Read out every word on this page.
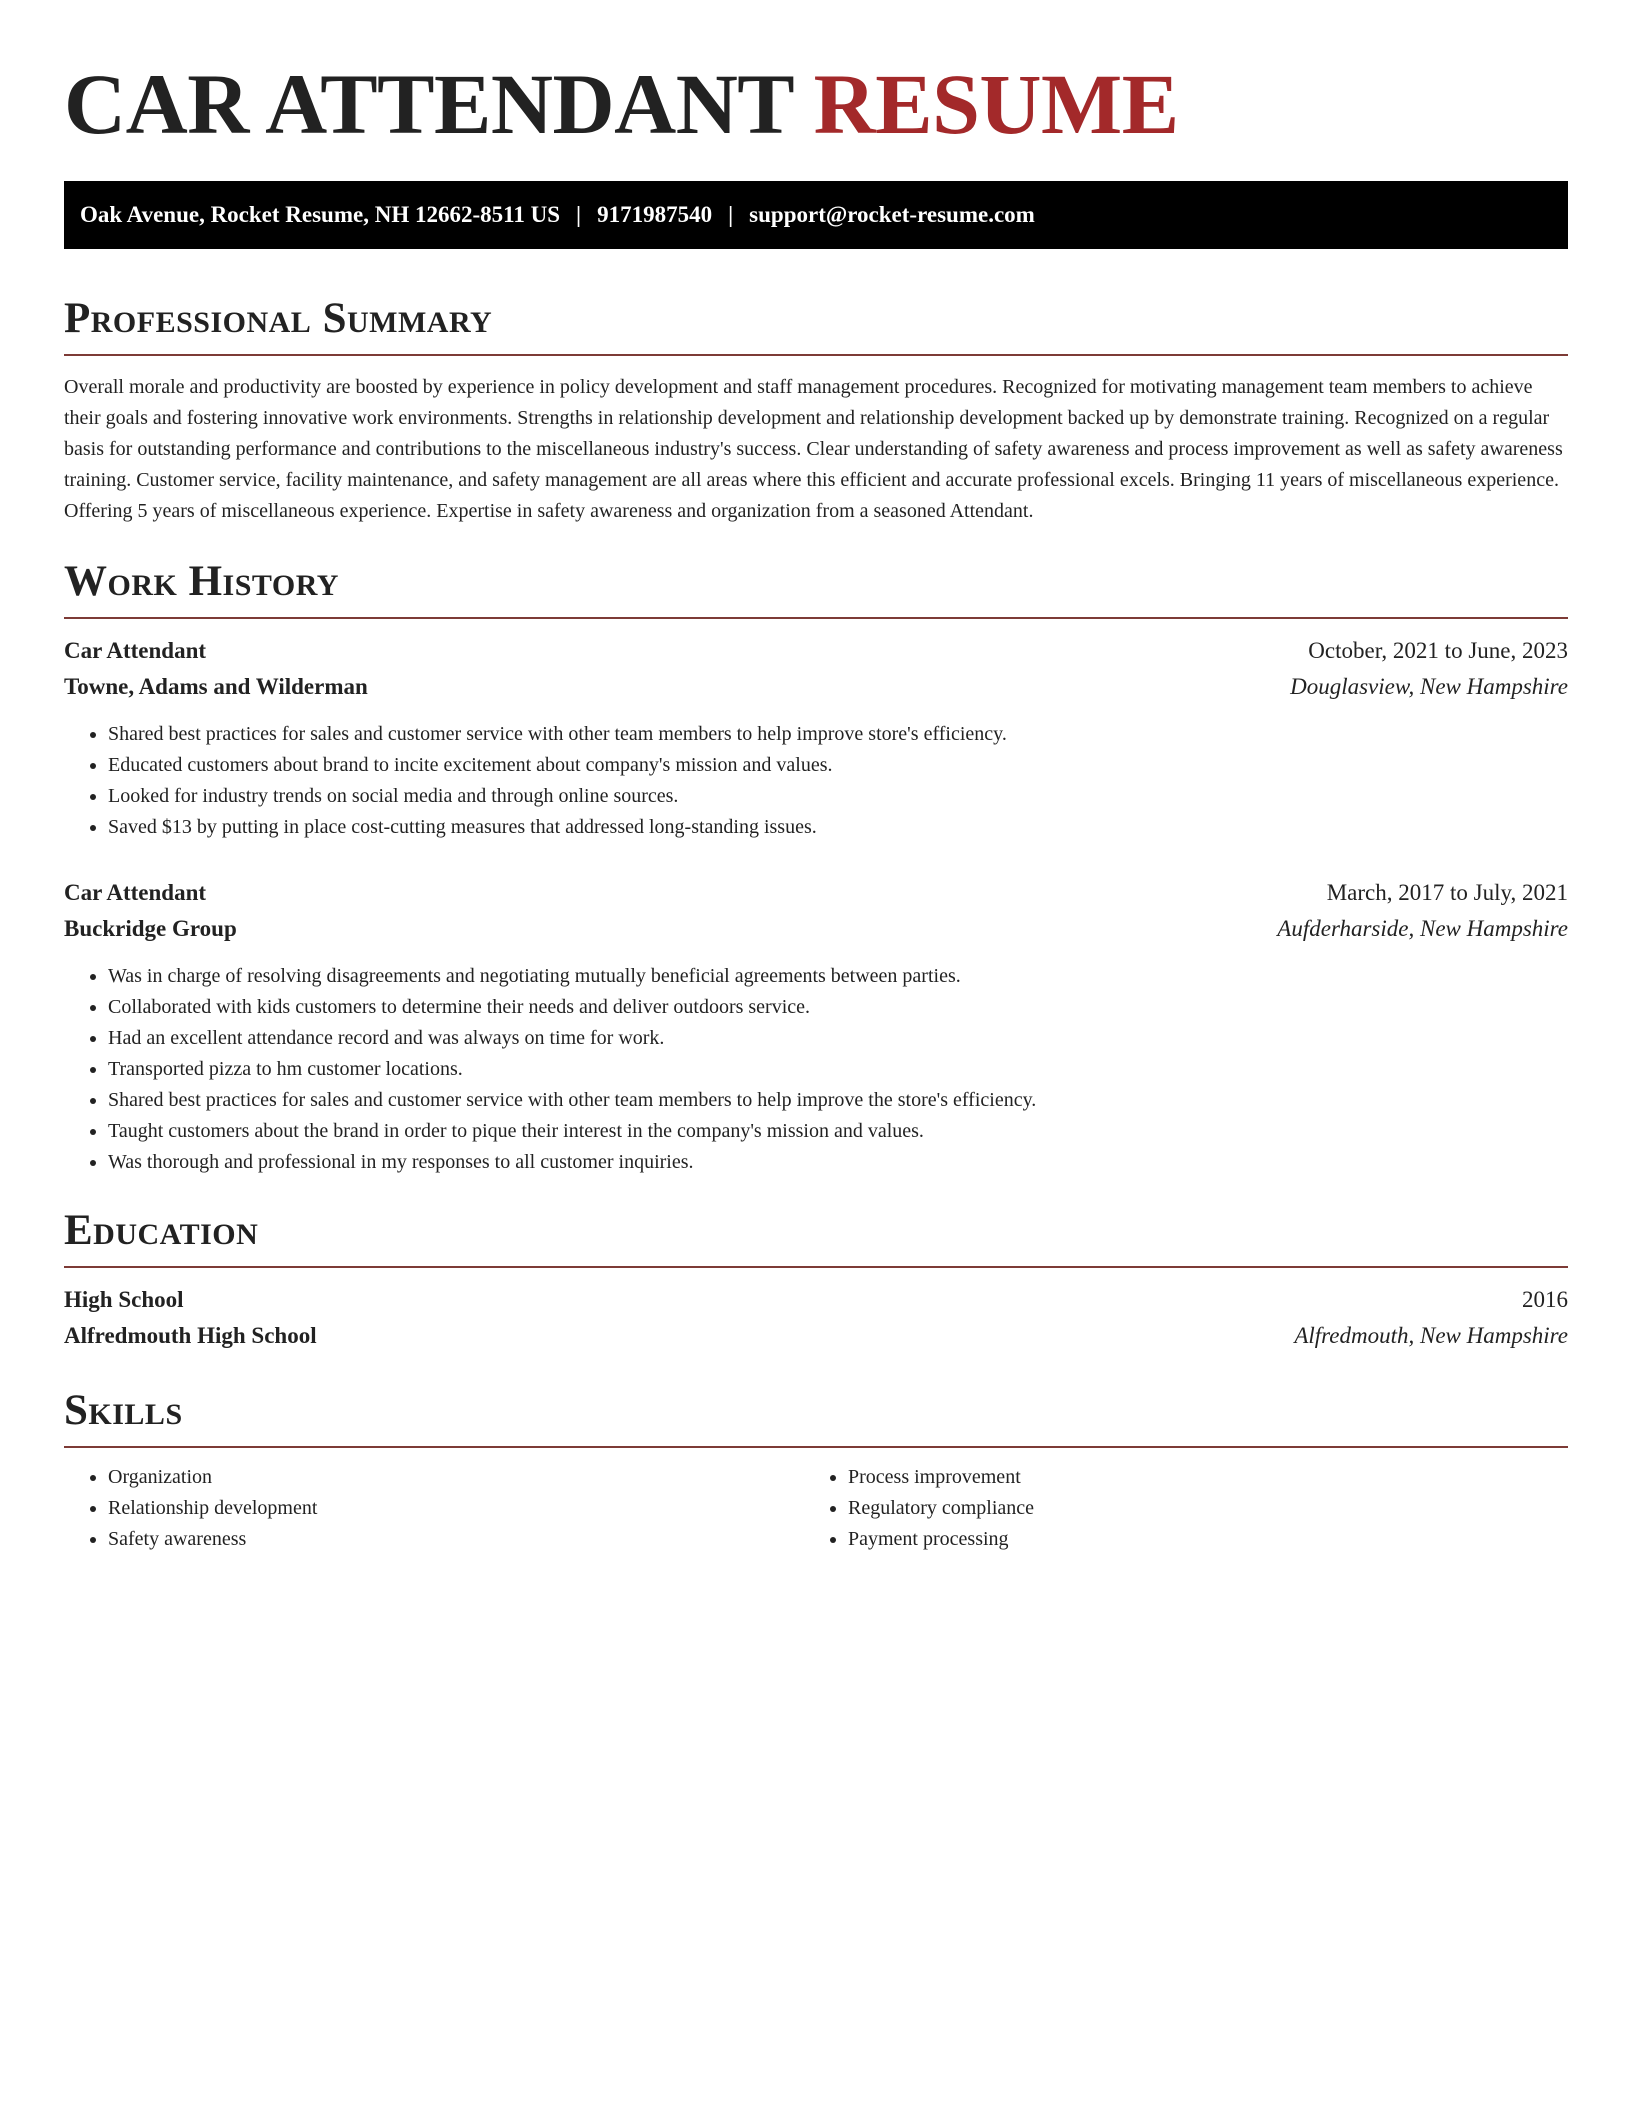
CAR ATTENDANT RESUME
Oak Avenue, Rocket Resume, NH 12662-8511 US | 9171987540 | support@rocket-resume.com
Professional Summary

Overall morale and productivity are boosted by experience in policy development and staff management procedures. Recognized for motivating management team members to achieve their goals and fostering innovative work environments. Strengths in relationship development and relationship development backed up by demonstrate training. Recognized on a regular basis for outstanding performance and contributions to the miscellaneous industry's success. Clear understanding of safety awareness and process improvement as well as safety awareness training. Customer service, facility maintenance, and safety management are all areas where this efficient and accurate professional excels. Bringing 11 years of miscellaneous experience. Offering 5 years of miscellaneous experience. Expertise in safety awareness and organization from a seasoned Attendant.

Work History
Car Attendant	October, 2021 to June, 2023
Towne, Adams and Wilderman	Douglasview, New Hampshire
• Shared best practices for sales and customer service with other team members to help improve store's efficiency.
• Educated customers about brand to incite excitement about company's mission and values.
• Looked for industry trends on social media and through online sources.
• Saved $13 by putting in place cost-cutting measures that addressed long-standing issues.
Car Attendant	March, 2017 to July, 2021
Buckridge Group	Aufderharside, New Hampshire
• Was in charge of resolving disagreements and negotiating mutually beneficial agreements between parties.
• Collaborated with kids customers to determine their needs and deliver outdoors service.
• Had an excellent attendance record and was always on time for work.
• Transported pizza to hm customer locations.
• Shared best practices for sales and customer service with other team members to help improve the store's efficiency.
• Taught customers about the brand in order to pique their interest in the company's mission and values.
• Was thorough and professional in my responses to all customer inquiries.
Education
High School	2016
Alfredmouth High School	Alfredmouth, New Hampshire
Skills
• Organization
• Relationship development
• Safety awareness
• Process improvement
• Regulatory compliance
• Payment processing
